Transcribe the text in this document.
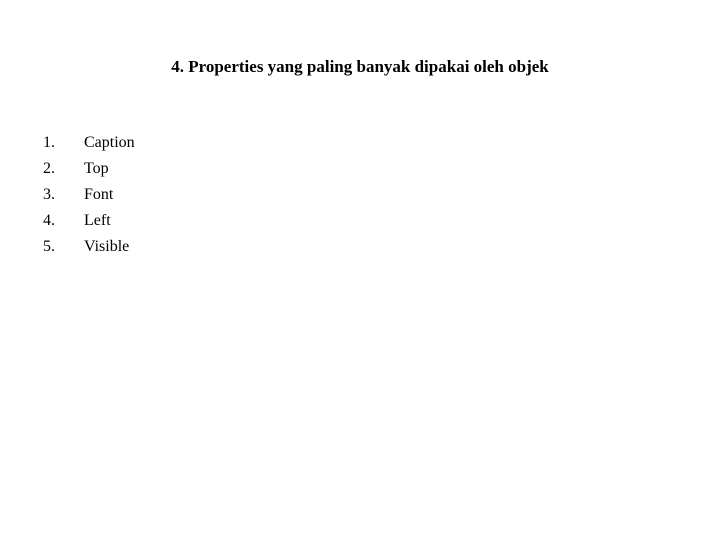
4. Properties yang paling banyak dipakai oleh objek
1.	Caption
2.	Top
3.	Font
4.	Left
5.	Visible
